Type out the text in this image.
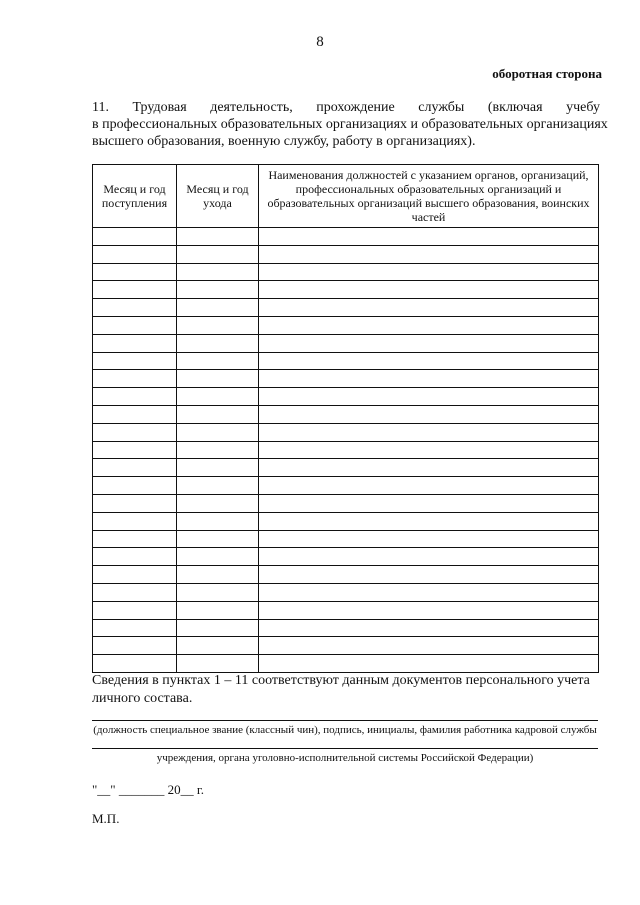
8
оборотная сторона
11. Трудовая деятельность, прохождение службы (включая учебу
в профессиональных образовательных организациях и образовательных организациях
высшего образования, военную службу, работу в организациях).
Месяц и год поступления	Месяц и год ухода	Наименования должностей с указанием органов, организаций, профессиональных образовательных организаций и образовательных организаций высшего образования, воинских частей

Сведения в пунктах 1 – 11 соответствуют данным документов персонального учета
личного состава.
(должность специальное звание (классный чин), подпись, инициалы, фамилия работника кадровой службы
учреждения, органа уголовно-исполнительной системы Российской Федерации)
"__" _______ 20__ г.
М.П.
